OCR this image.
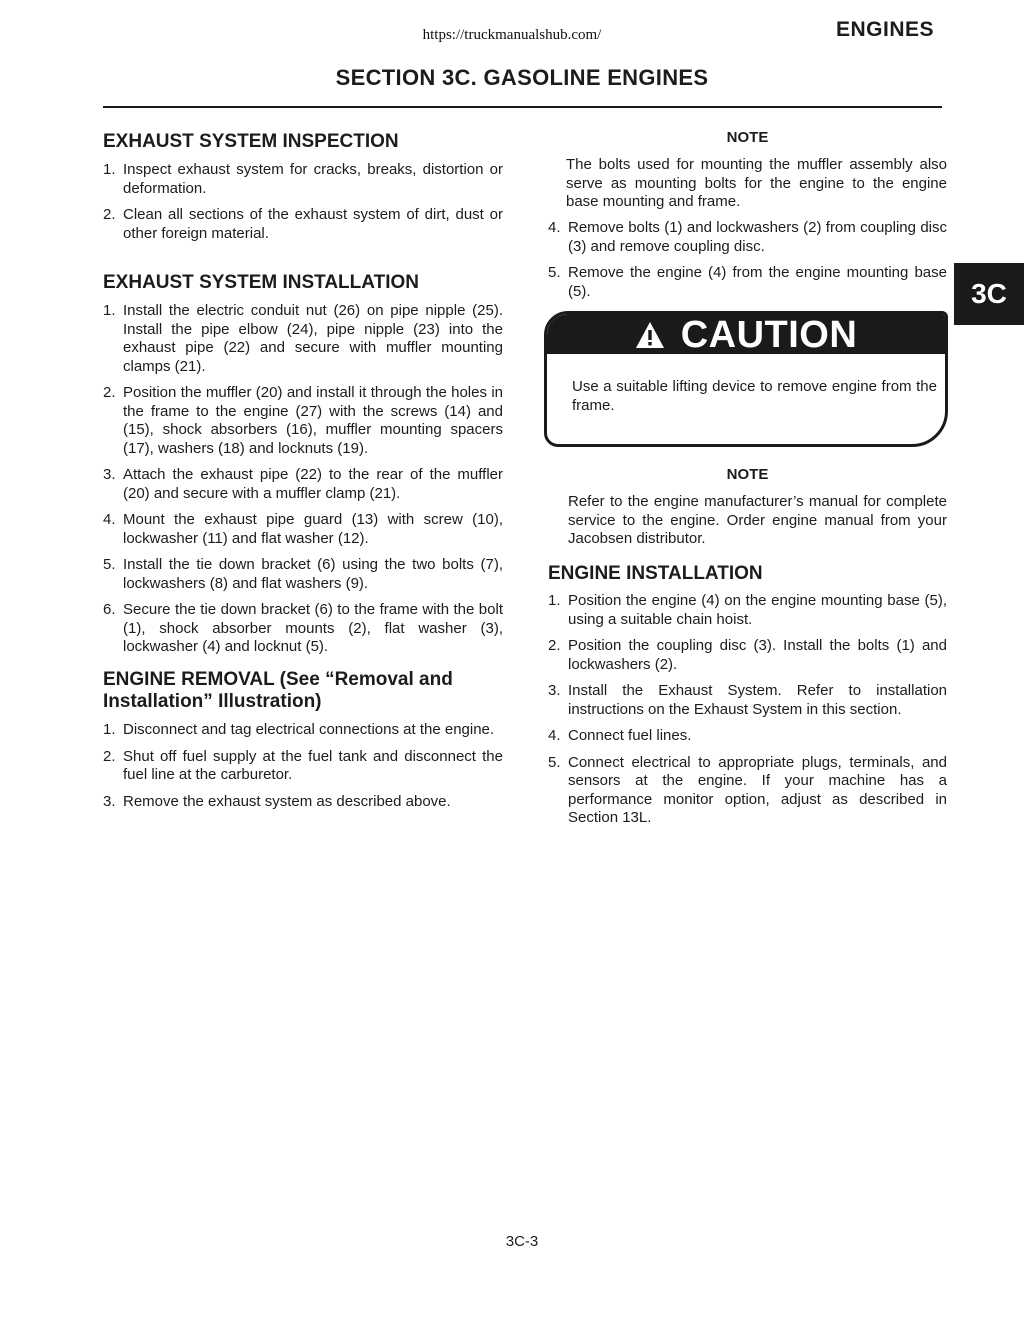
https://truckmanualshub.com/	ENGINES
SECTION 3C. GASOLINE ENGINES
EXHAUST SYSTEM INSPECTION
1. Inspect exhaust system for cracks, breaks, distortion or deformation.
2. Clean all sections of the exhaust system of dirt, dust or other foreign material.
EXHAUST SYSTEM INSTALLATION
1. Install the electric conduit nut (26) on pipe nipple (25). Install the pipe elbow (24), pipe nipple (23) into the exhaust pipe (22) and secure with muffler mounting clamps (21).
2. Position the muffler (20) and install it through the holes in the frame to the engine (27) with the screws (14) and (15), shock absorbers (16), muffler mounting spacers (17), washers (18) and locknuts (19).
3. Attach the exhaust pipe (22) to the rear of the muffler (20) and secure with a muffler clamp (21).
4. Mount the exhaust pipe guard (13) with screw (10), lockwasher (11) and flat washer (12).
5. Install the tie down bracket (6) using the two bolts (7), lockwashers (8) and flat washers (9).
6. Secure the tie down bracket (6) to the frame with the bolt (1), shock absorber mounts (2), flat washer (3), lockwasher (4) and locknut (5).
ENGINE REMOVAL (See “Removal and Installation” Illustration)
1. Disconnect and tag electrical connections at the engine.
2. Shut off fuel supply at the fuel tank and disconnect the fuel line at the carburetor.
3. Remove the exhaust system as described above.
NOTE
The bolts used for mounting the muffler assembly also serve as mounting bolts for the engine to the engine base mounting and frame.
4. Remove bolts (1) and lockwashers (2) from coupling disc (3) and remove coupling disc.
5. Remove the engine (4) from the engine mounting base (5).
NOTE
Refer to the engine manufacturer’s manual for complete service to the engine. Order engine manual from your Jacobsen distributor.
ENGINE INSTALLATION
1. Position the engine (4) on the engine mounting base (5), using a suitable chain hoist.
2. Position the coupling disc (3). Install the bolts (1) and lockwashers (2).
3. Install the Exhaust System. Refer to installation instructions on the Exhaust System in this section.
4. Connect fuel lines.
5. Connect electrical to appropriate plugs, terminals, and sensors at the engine. If your machine has a performance monitor option, adjust as described in Section 13L.
CAUTION
Use a suitable lifting device to remove engine from the frame.
3C
3C-3
